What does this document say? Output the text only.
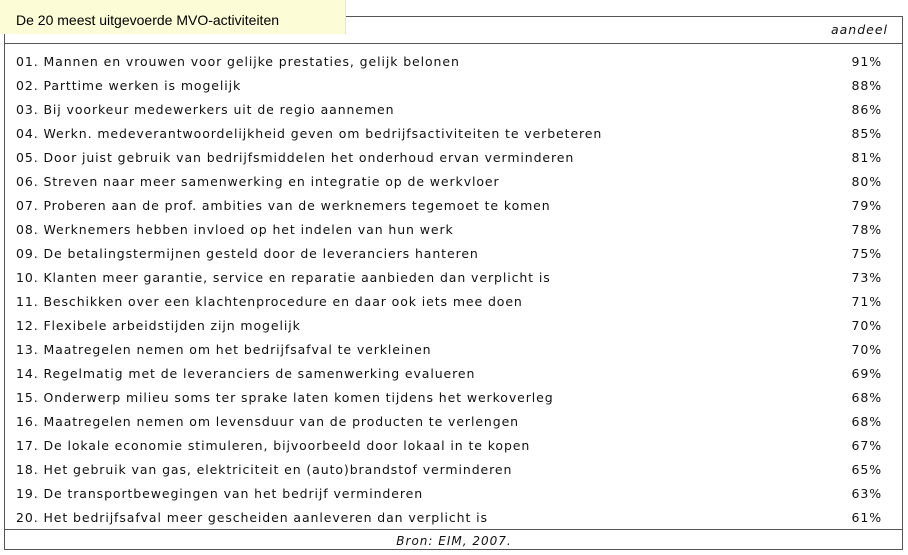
De 20 meest uitgevoerde MVO-activiteiten
aandeel
01. Mannen en vrouwen voor gelijke prestaties, gelijk belonen	91%
02. Parttime werken is mogelijk	88%
03. Bij voorkeur medewerkers uit de regio aannemen	86%
04. Werkn. medeverantwoordelijkheid geven om bedrijfsactiviteiten te verbeteren	85%
05. Door juist gebruik van bedrijfsmiddelen het onderhoud ervan verminderen	81%
06. Streven naar meer samenwerking en integratie op de werkvloer	80%
07. Proberen aan de prof. ambities van de werknemers tegemoet te komen	79%
08. Werknemers hebben invloed op het indelen van hun werk	78%
09. De betalingstermijnen gesteld door de leveranciers hanteren	75%
10. Klanten meer garantie, service en reparatie aanbieden dan verplicht is	73%
11. Beschikken over een klachtenprocedure en daar ook iets mee doen	71%
12. Flexibele arbeidstijden zijn mogelijk	70%
13. Maatregelen nemen om het bedrijfsafval te verkleinen	70%
14. Regelmatig met de leveranciers de samenwerking evalueren	69%
15. Onderwerp milieu soms ter sprake laten komen tijdens het werkoverleg	68%
16. Maatregelen nemen om levensduur van de producten te verlengen	68%
17. De lokale economie stimuleren, bijvoorbeeld door lokaal in te kopen	67%
18. Het gebruik van gas, elektriciteit en (auto)brandstof verminderen	65%
19. De transportbewegingen van het bedrijf verminderen	63%
20. Het bedrijfsafval meer gescheiden aanleveren dan verplicht is	61%
Bron: EIM, 2007.
